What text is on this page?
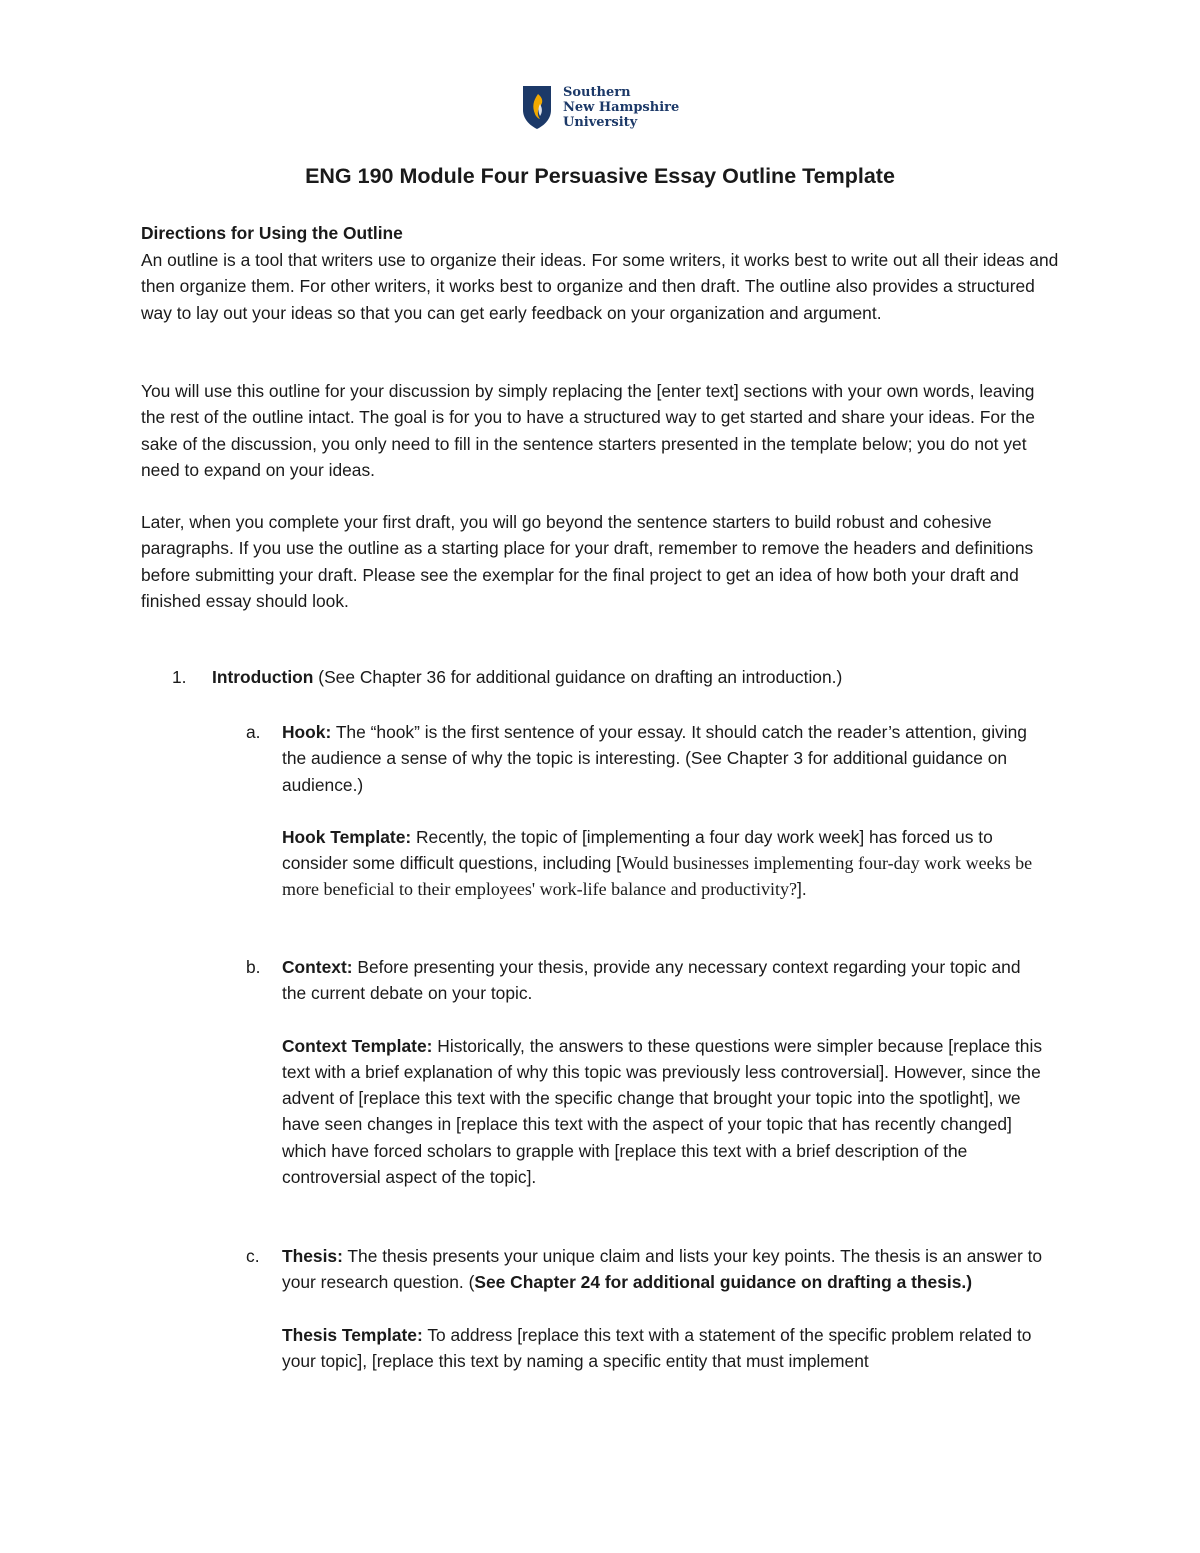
Southern
New Hampshire
University
ENG 190 Module Four Persuasive Essay Outline Template

Directions for Using the Outline

An outline is a tool that writers use to organize their ideas. For some writers, it works best to write out all their ideas and then organize them. For other writers, it works best to organize and then draft. The outline also provides a structured way to lay out your ideas so that you can get early feedback on your organization and argument.

You will use this outline for your discussion by simply replacing the [enter text] sections with your own words, leaving the rest of the outline intact. The goal is for you to have a structured way to get started and share your ideas. For the sake of the discussion, you only need to fill in the sentence starters presented in the template below; you do not yet need to expand on your ideas.

Later, when you complete your first draft, you will go beyond the sentence starters to build robust and cohesive paragraphs. If you use the outline as a starting place for your draft, remember to remove the headers and definitions before submitting your draft. Please see the exemplar for the final project to get an idea of how both your draft and finished essay should look.

1. Introduction (See Chapter 36 for additional guidance on drafting an introduction.)
a. Hook: The “hook” is the first sentence of your essay. It should catch the reader’s attention, giving the audience a sense of why the topic is interesting. (See Chapter 3 for additional guidance on audience.)
Hook Template: Recently, the topic of [implementing a four day work week] has forced us to consider some difficult questions, including [Would businesses implementing four-day work weeks be more beneficial to their employees' work-life balance and productivity?].
b. Context: Before presenting your thesis, provide any necessary context regarding your topic and the current debate on your topic.
Context Template: Historically, the answers to these questions were simpler because [replace this text with a brief explanation of why this topic was previously less controversial]. However, since the advent of [replace this text with the specific change that brought your topic into the spotlight], we have seen changes in [replace this text with the aspect of your topic that has recently changed] which have forced scholars to grapple with [replace this text with a brief description of the controversial aspect of the topic].
c. Thesis: The thesis presents your unique claim and lists your key points. The thesis is an answer to your research question. (See Chapter 24 for additional guidance on drafting a thesis.)
Thesis Template: To address [replace this text with a statement of the specific problem related to your topic], [replace this text by naming a specific entity that must implement
